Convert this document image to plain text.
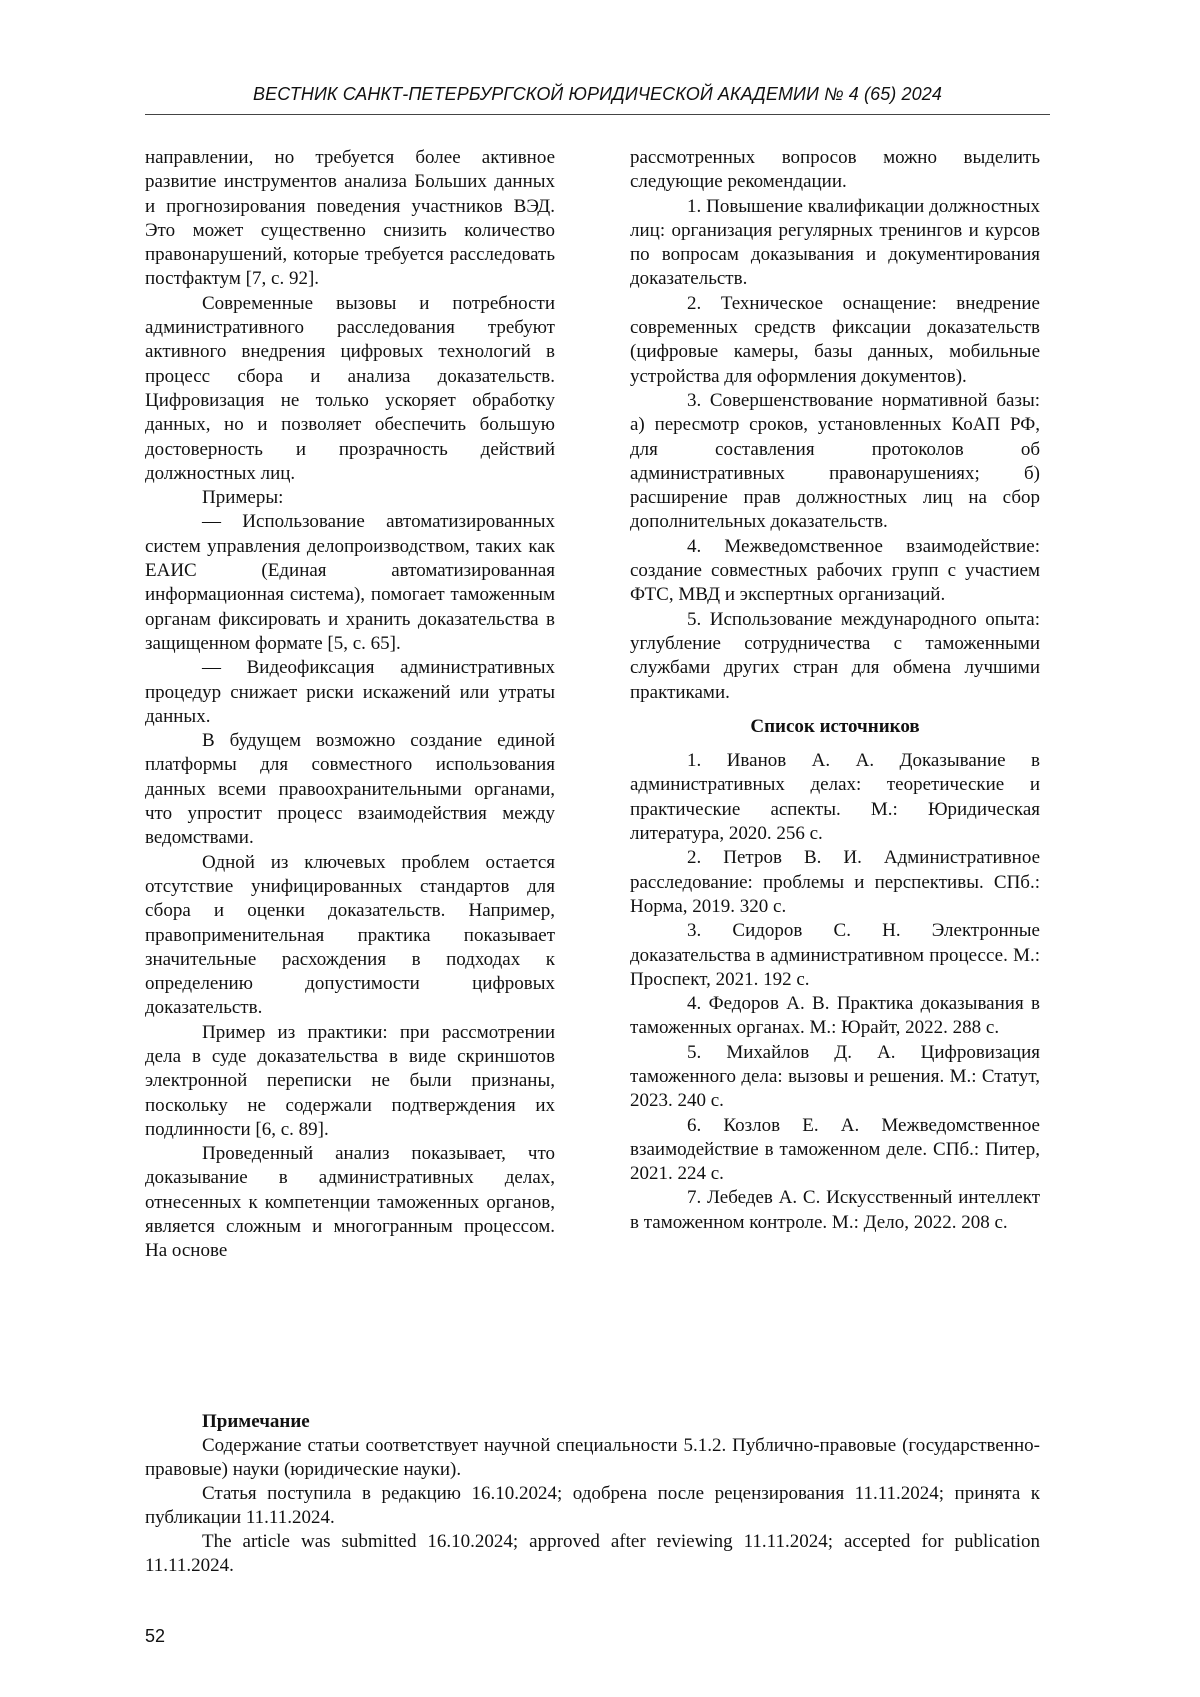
ВЕСТНИК САНКТ-ПЕТЕРБУРГСКОЙ ЮРИДИЧЕСКОЙ АКАДЕМИИ № 4 (65) 2024

направлении, но требуется более активное развитие инструментов анализа Больших данных и прогнозирования поведения участников ВЭД. Это может существенно снизить количество правонарушений, которые требуется расследовать постфактум [7, с. 92].

Современные вызовы и потребности административного расследования требуют активного внедрения цифровых технологий в процесс сбора и анализа доказательств. Цифровизация не только ускоряет обработку данных, но и позволяет обеспечить большую достоверность и прозрачность действий должностных лиц.

Примеры:

— Использование автоматизированных систем управления делопроизводством, таких как ЕАИС (Единая автоматизированная информационная система), помогает таможенным органам фиксировать и хранить доказательства в защищенном формате [5, с. 65].

— Видеофиксация административных процедур снижает риски искажений или утраты данных.

В будущем возможно создание единой платформы для совместного использования данных всеми правоохранительными органами, что упростит процесс взаимодействия между ведомствами.

Одной из ключевых проблем остается отсутствие унифицированных стандартов для сбора и оценки доказательств. Например, правоприменительная практика показывает значительные расхождения в подходах к определению допустимости цифровых доказательств.

Пример из практики: при рассмотрении дела в суде доказательства в виде скриншотов электронной переписки не были признаны, поскольку не содержали подтверждения их подлинности [6, с. 89].

Проведенный анализ показывает, что доказывание в административных делах, отнесенных к компетенции таможенных органов, является сложным и многогранным процессом. На основе

рассмотренных вопросов можно выделить следующие рекомендации.

1. Повышение квалификации должностных лиц: организация регулярных тренингов и курсов по вопросам доказывания и документирования доказательств.

2. Техническое оснащение: внедрение современных средств фиксации доказательств (цифровые камеры, базы данных, мобильные устройства для оформления документов).

3. Совершенствование нормативной базы: а) пересмотр сроков, установленных КоАП РФ, для составления протоколов об административных правонарушениях; б) расширение прав должностных лиц на сбор дополнительных доказательств.

4. Межведомственное взаимодействие: создание совместных рабочих групп с участием ФТС, МВД и экспертных организаций.

5. Использование международного опыта: углубление сотрудничества с таможенными службами других стран для обмена лучшими практиками.

Список источников

1. Иванов А. А. Доказывание в административных делах: теоретические и практические аспекты. М.: Юридическая литература, 2020. 256 с.

2. Петров В. И. Административное расследование: проблемы и перспективы. СПб.: Норма, 2019. 320 с.

3. Сидоров С. Н. Электронные доказательства в административном процессе. М.: Проспект, 2021. 192 с.

4. Федоров А. В. Практика доказывания в таможенных органах. М.: Юрайт, 2022. 288 с.

5. Михайлов Д. А. Цифровизация таможенного дела: вызовы и решения. М.: Статут, 2023. 240 с.

6. Козлов Е. А. Межведомственное взаимодействие в таможенном деле. СПб.: Питер, 2021. 224 с.

7. Лебедев А. С. Искусственный интеллект в таможенном контроле. М.: Дело, 2022. 208 с.

Примечание

Содержание статьи соответствует научной специальности 5.1.2. Публично-правовые (государственно-правовые) науки (юридические науки).

Статья поступила в редакцию 16.10.2024; одобрена после рецензирования 11.11.2024; принята к публикации 11.11.2024.

The article was submitted 16.10.2024; approved after reviewing 11.11.2024; accepted for publication 11.11.2024.

52
